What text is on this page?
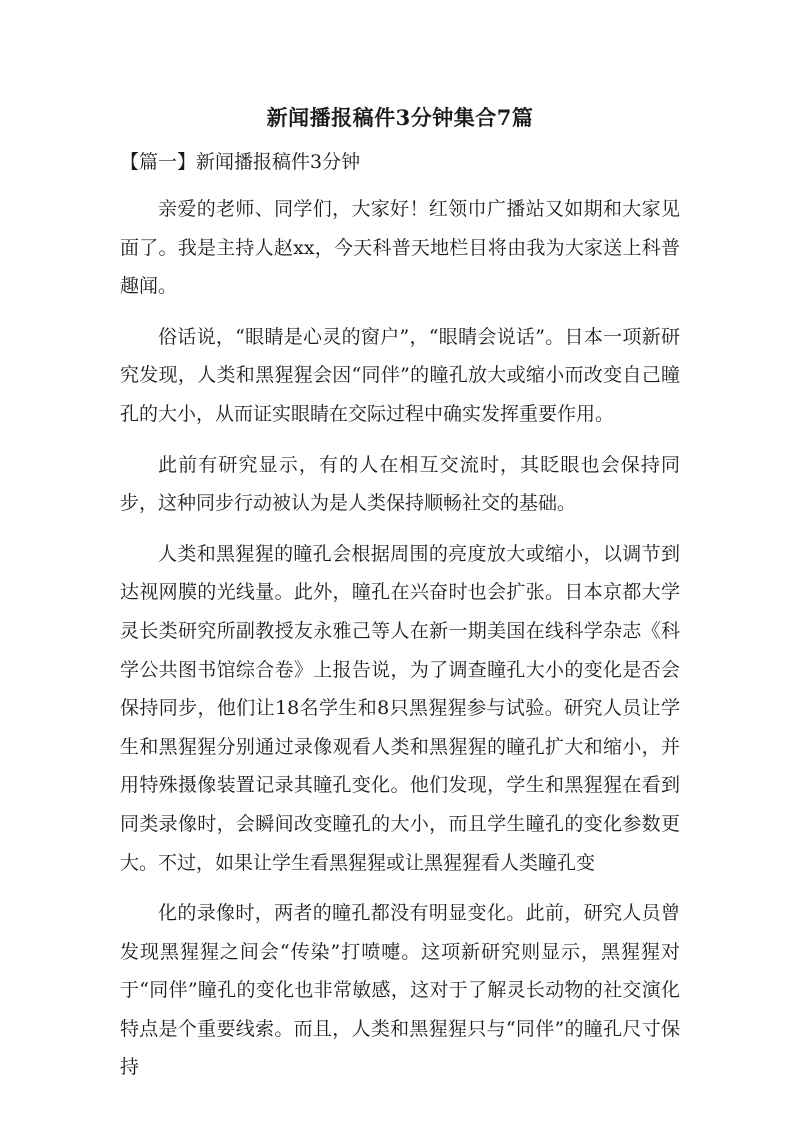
新闻播报稿件3分钟集合7篇
【篇一】新闻播报稿件3分钟

亲爱的老师、同学们，大家好！红领巾广播站又如期和大家见面了。我是主持人赵xx，今天科普天地栏目将由我为大家送上科普趣闻。

俗话说，“眼睛是心灵的窗户”，“眼睛会说话”。日本一项新研究发现，人类和黑猩猩会因“同伴”的瞳孔放大或缩小而改变自己瞳孔的大小，从而证实眼睛在交际过程中确实发挥重要作用。

此前有研究显示，有的人在相互交流时，其眨眼也会保持同步，这种同步行动被认为是人类保持顺畅社交的基础。

人类和黑猩猩的瞳孔会根据周围的亮度放大或缩小，以调节到达视网膜的光线量。此外，瞳孔在兴奋时也会扩张。日本京都大学灵长类研究所副教授友永雅己等人在新一期美国在线科学杂志《科学公共图书馆综合卷》上报告说，为了调查瞳孔大小的变化是否会保持同步，他们让18名学生和8只黑猩猩参与试验。研究人员让学生和黑猩猩分别通过录像观看人类和黑猩猩的瞳孔扩大和缩小，并用特殊摄像装置记录其瞳孔变化。他们发现，学生和黑猩猩在看到同类录像时，会瞬间改变瞳孔的大小，而且学生瞳孔的变化参数更大。不过，如果让学生看黑猩猩或让黑猩猩看人类瞳孔变

化的录像时，两者的瞳孔都没有明显变化。此前，研究人员曾发现黑猩猩之间会“传染”打喷嚏。这项新研究则显示，黑猩猩对于“同伴”瞳孔的变化也非常敏感，这对于了解灵长动物的社交演化特点是个重要线索。而且，人类和黑猩猩只与“同伴”的瞳孔尺寸保持
